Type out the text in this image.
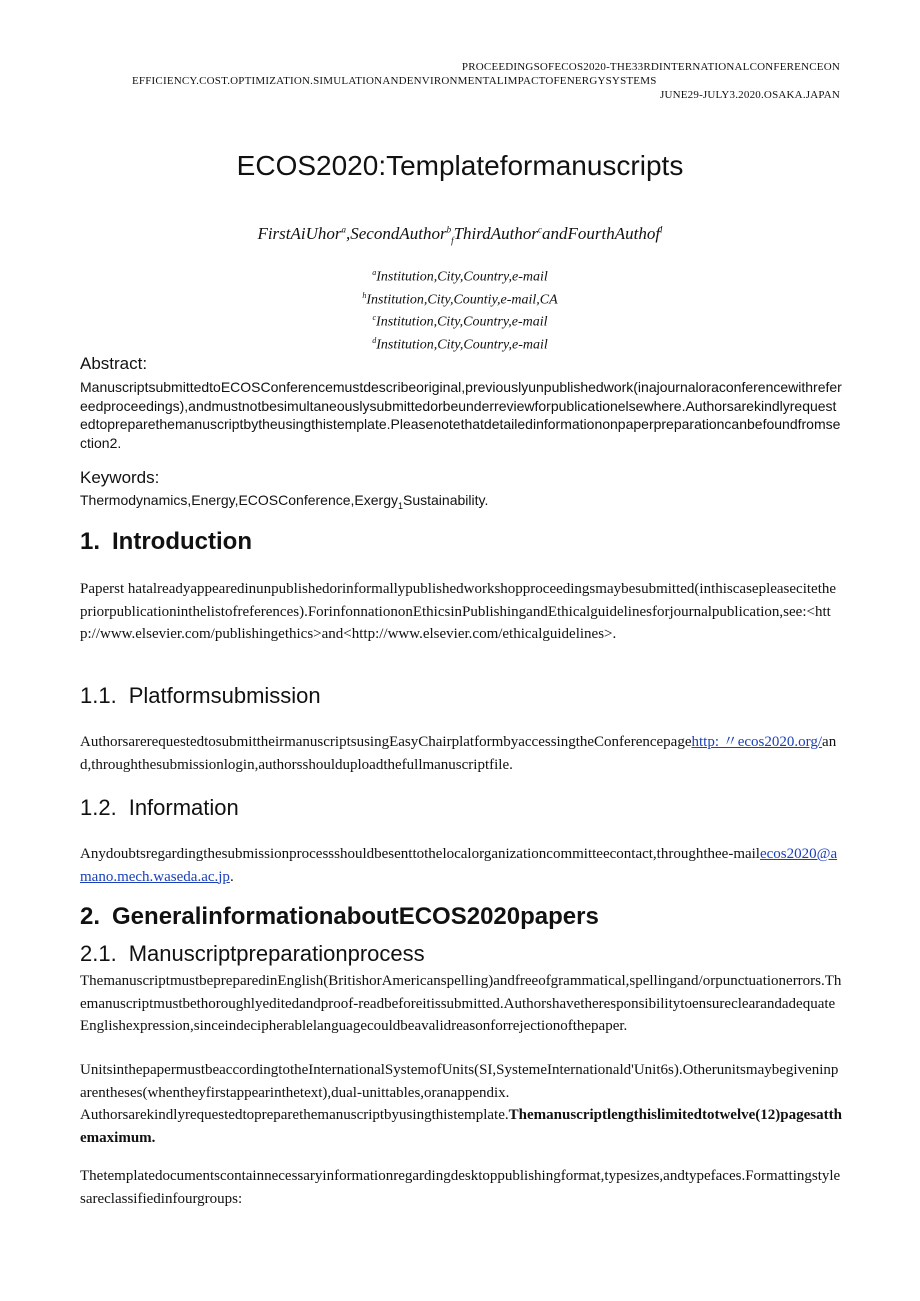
PROCEEDINGSOFECOS2020-THE33RDINTERNATIONALCONFERENCEON
EFFICIENCY.COST.OPTIMIZATION.SIMULATIONANDENVIRONMENTALIMPACTOFENERGYSYSTEMS
JUNE29-JULY3.2020.OSAKA.JAPAN
ECOS2020:Templateformanuscripts
FirstAiUhor$^a$,SecondAuthor$^b_f$ThirdAuthor$^c$andFourthAuthof$^l$
$^a$Institution,City,Country,e-mail
$^h$Institution,City,Countiy,e-mail,CA
$^c$Institution,City,Country,e-mail
$^d$Institution,City,Country,e-mail
Abstract:
ManuscriptsubmittedtoECOSConferencemustdescribeoriginal,previouslyunpublishedwork(inajournaloraconferencewithrefereedproceedings),andmustnotbesimultaneouslysubmittedorbeunderreviewforpublicationelsewhere.Authorsarekindlyrequestedtopreparethemanuscriptbytheusingthistemplate.Pleasenotethatdetailedinformationonpaperpreparationcanbefoundfromsection2.
Keywords:
Thermodynamics,Energy,ECOSConference,Exergy$_1$Sustainability.
1. Introduction
Paperst hatalreadyappearedinunpublishedorinformallypublishedworkshopproceedingsmaybesubmitted(inthiscasepleasecitethepriorpublicationinthelistofreferences).ForinfonnationonEthicsinPublishingandEthicalguidelinesforjournalpublication,see:<http://www.elsevier.com/publishingethics>and<http://www.elsevier.com/ethicalguidelines>.
1.1. Platformsubmission
AuthorsarerequestedtosubmittheirmanuscriptsusingEasyChairplatformbyaccessingtheConferencepagehttp: 〃ecos2020.org/and,throughthesubmissionlogin,authorsshoulduploadthefullmanuscriptfile.
1.2. Information
Anydoubtsregardingthesubmissionprocessshouldbesenttothelocalorganizationcommitteecontact,throughthee-mailecos2020@amano.mech.waseda.ac.jp.
2. GeneralinformationaboutECOS2020papers
2.1. Manuscriptpreparationprocess
ThemanuscriptmustbepreparedinEnglish(BritishorAmericanspelling)andfreeofgrammatical,spellingand/orpunctuationerrors.Themanuscriptmustbethoroughlyeditedandproof-readbeforeitissubmitted.AuthorshavetheresponsibilitytoensureclearandadequateEnglishexpression,sinceindecipherablelanguagecouldbeavalidreasonforrejectionofthepaper.
UnitsinthepapermustbeaccordingtotheInternationalSystemofUnits(SI,SystemeInternationald'Unit6s).Otherunitsmaybegiveninparentheses(whentheyfirstappearinthetext),dual-unittables,oranappendix.
Authorsarekindlyrequestedtopreparethemanuscriptbyusingthistemplate.Themanuscriptlengthislimitedtotwelve(12)pagesatthemaximum.
Thetemplatedocumentscontainnecessaryinformationregardingdesktoppublishingformat,typesizes,andtypefaces.Formattingstylesareclassifiedinfourgroups:
